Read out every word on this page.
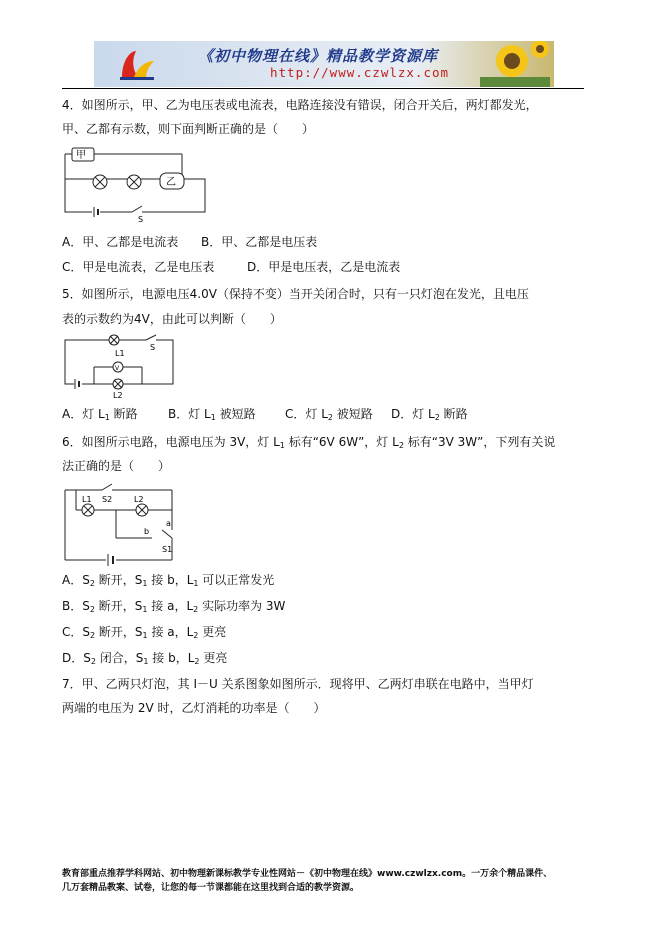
《初中物理在线》精品教学资源库
http://www.czwlzx.com
4．如图所示，甲、乙为电压表或电流表，电路连接没有错误，闭合开关后，两灯都发光，
甲、乙都有示数，则下面判断正确的是（　　）
甲
乙
S
A．甲、乙都是电流表 B．甲、乙都是电压表
C．甲是电流表，乙是电压表	D．甲是电压表，乙是电流表
5．如图所示，电源电压4.0V（保持不变）当开关闭合时，只有一只灯泡在发光，且电压
表的示数约为4V，由此可以判断（　　）
L1
V
L2
S
A．灯 $L_1$ 断路	B．灯 $L_1$ 被短路 C．灯 $L_2$ 被短路 D．灯 $L_2$ 断路
6．如图所示电路，电源电压为 3V，灯 $L_1$ 标有“6V 6W”，灯 $L_2$ 标有“3V 3W”，下列有关说
法正确的是（　　）
L1 S2	L2
b
a
S1
A．$S_2$ 断开，$S_1$ 接 b，$L_1$ 可以正常发光
B．$S_2$ 断开，$S_1$ 接 a，$L_2$ 实际功率为 3W
C．$S_2$ 断开，$S_1$ 接 a，$L_2$ 更亮
D．$S_2$ 闭合，$S_1$ 接 b，$L_2$ 更亮
7．甲、乙两只灯泡，其 I－U 关系图象如图所示．现将甲、乙两灯串联在电路中，当甲灯
两端的电压为 2V 时，乙灯消耗的功率是（　　）
教育部重点推荐学科网站、初中物理新课标教学专业性网站－《初中物理在线》www.czwlzx.com。一万余个精品课件、
几万套精品教案、试卷，让您的每一节课都能在这里找到合适的教学资源。
